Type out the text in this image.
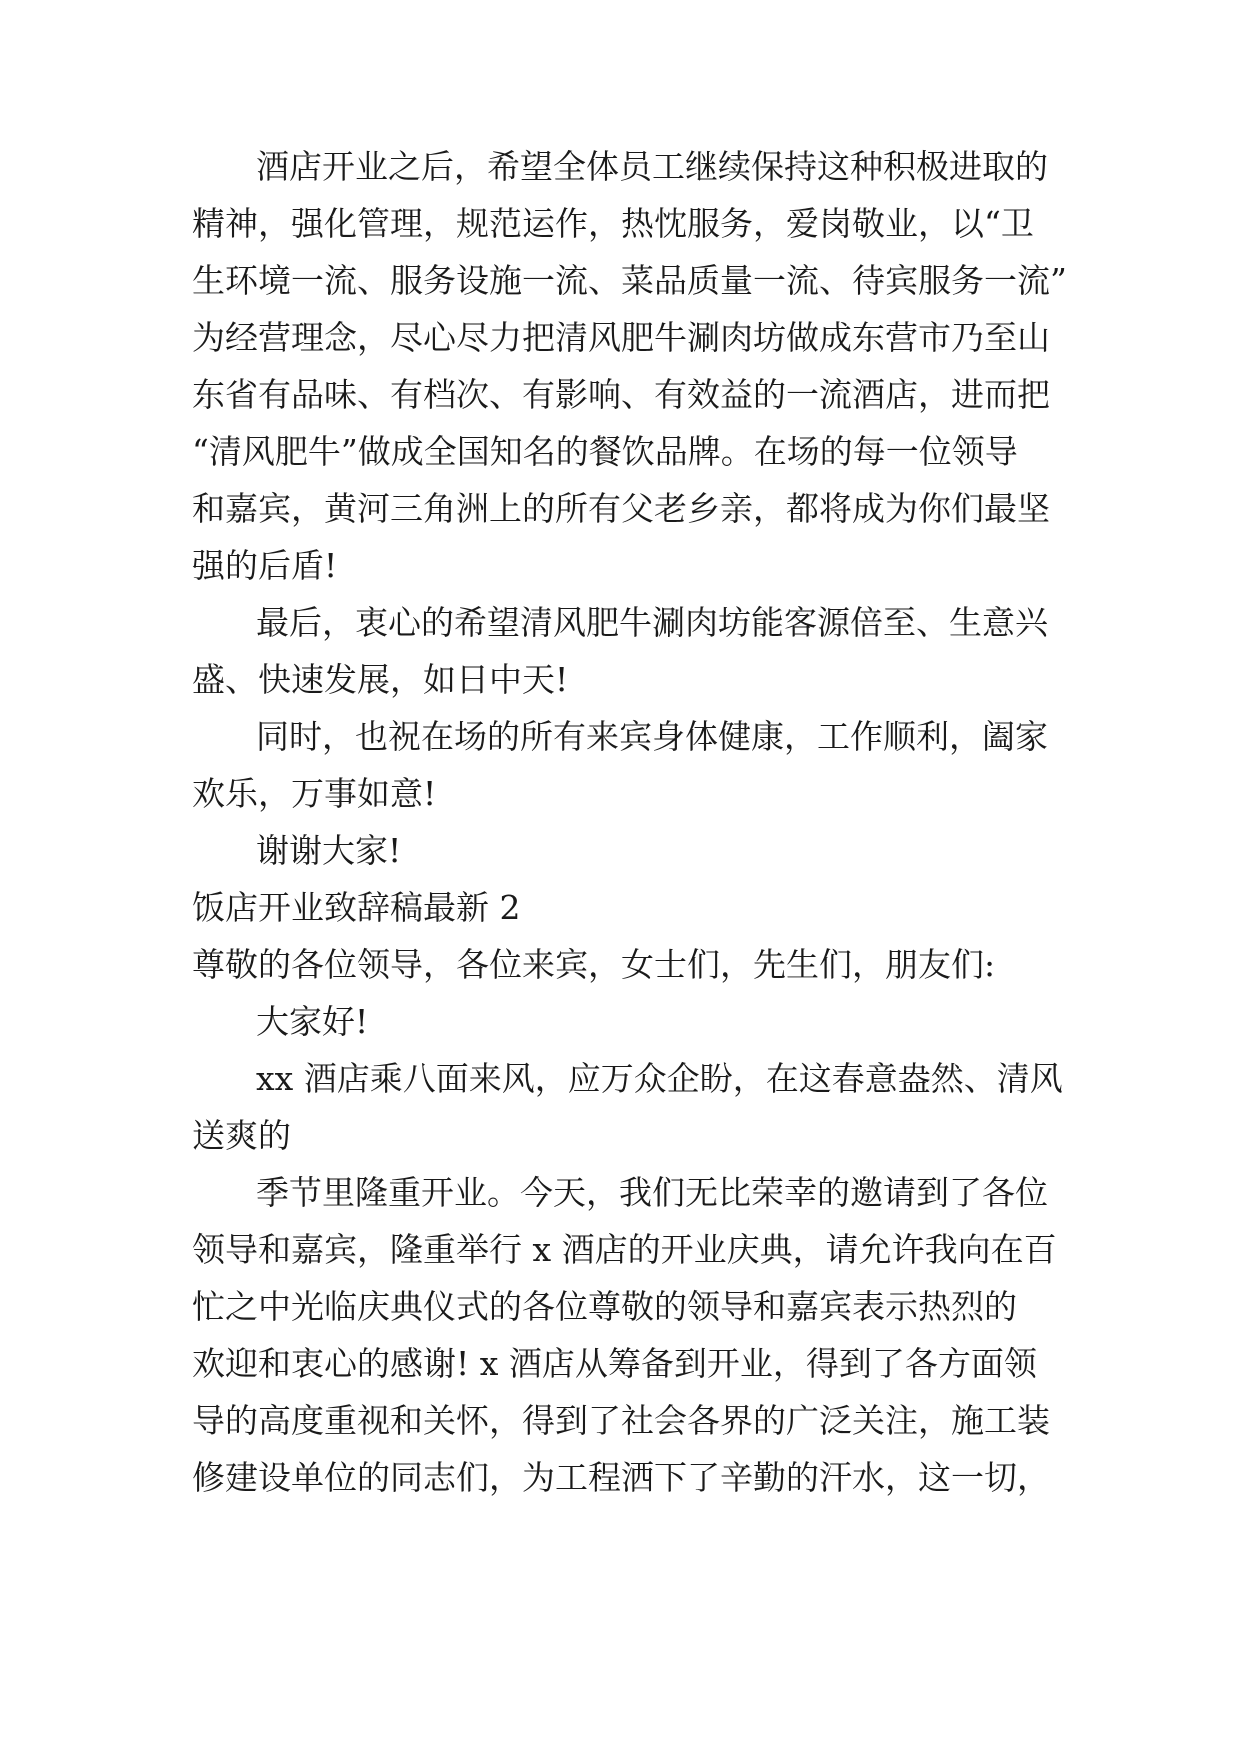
酒店开业之后，希望全体员工继续保持这种积极进取的
精神，强化管理，规范运作，热忱服务，爱岗敬业，以“卫
生环境一流、服务设施一流、菜品质量一流、待宾服务一流”
为经营理念，尽心尽力把清风肥牛涮肉坊做成东营市乃至山
东省有品味、有档次、有影响、有效益的一流酒店，进而把
“清风肥牛”做成全国知名的餐饮品牌。在场的每一位领导
和嘉宾，黄河三角洲上的所有父老乡亲，都将成为你们最坚
强的后盾!
最后，衷心的希望清风肥牛涮肉坊能客源倍至、生意兴
盛、快速发展，如日中天!
同时，也祝在场的所有来宾身体健康，工作顺利，阖家
欢乐，万事如意!
谢谢大家!
饭店开业致辞稿最新 2
尊敬的各位领导，各位来宾，女士们，先生们，朋友们:
大家好!
xx 酒店乘八面来风，应万众企盼，在这春意盎然、清风
送爽的
季节里隆重开业。今天，我们无比荣幸的邀请到了各位
领导和嘉宾，隆重举行 x 酒店的开业庆典，请允许我向在百
忙之中光临庆典仪式的各位尊敬的领导和嘉宾表示热烈的
欢迎和衷心的感谢! x 酒店从筹备到开业，得到了各方面领
导的高度重视和关怀，得到了社会各界的广泛关注，施工装
修建设单位的同志们，为工程洒下了辛勤的汗水，这一切，
